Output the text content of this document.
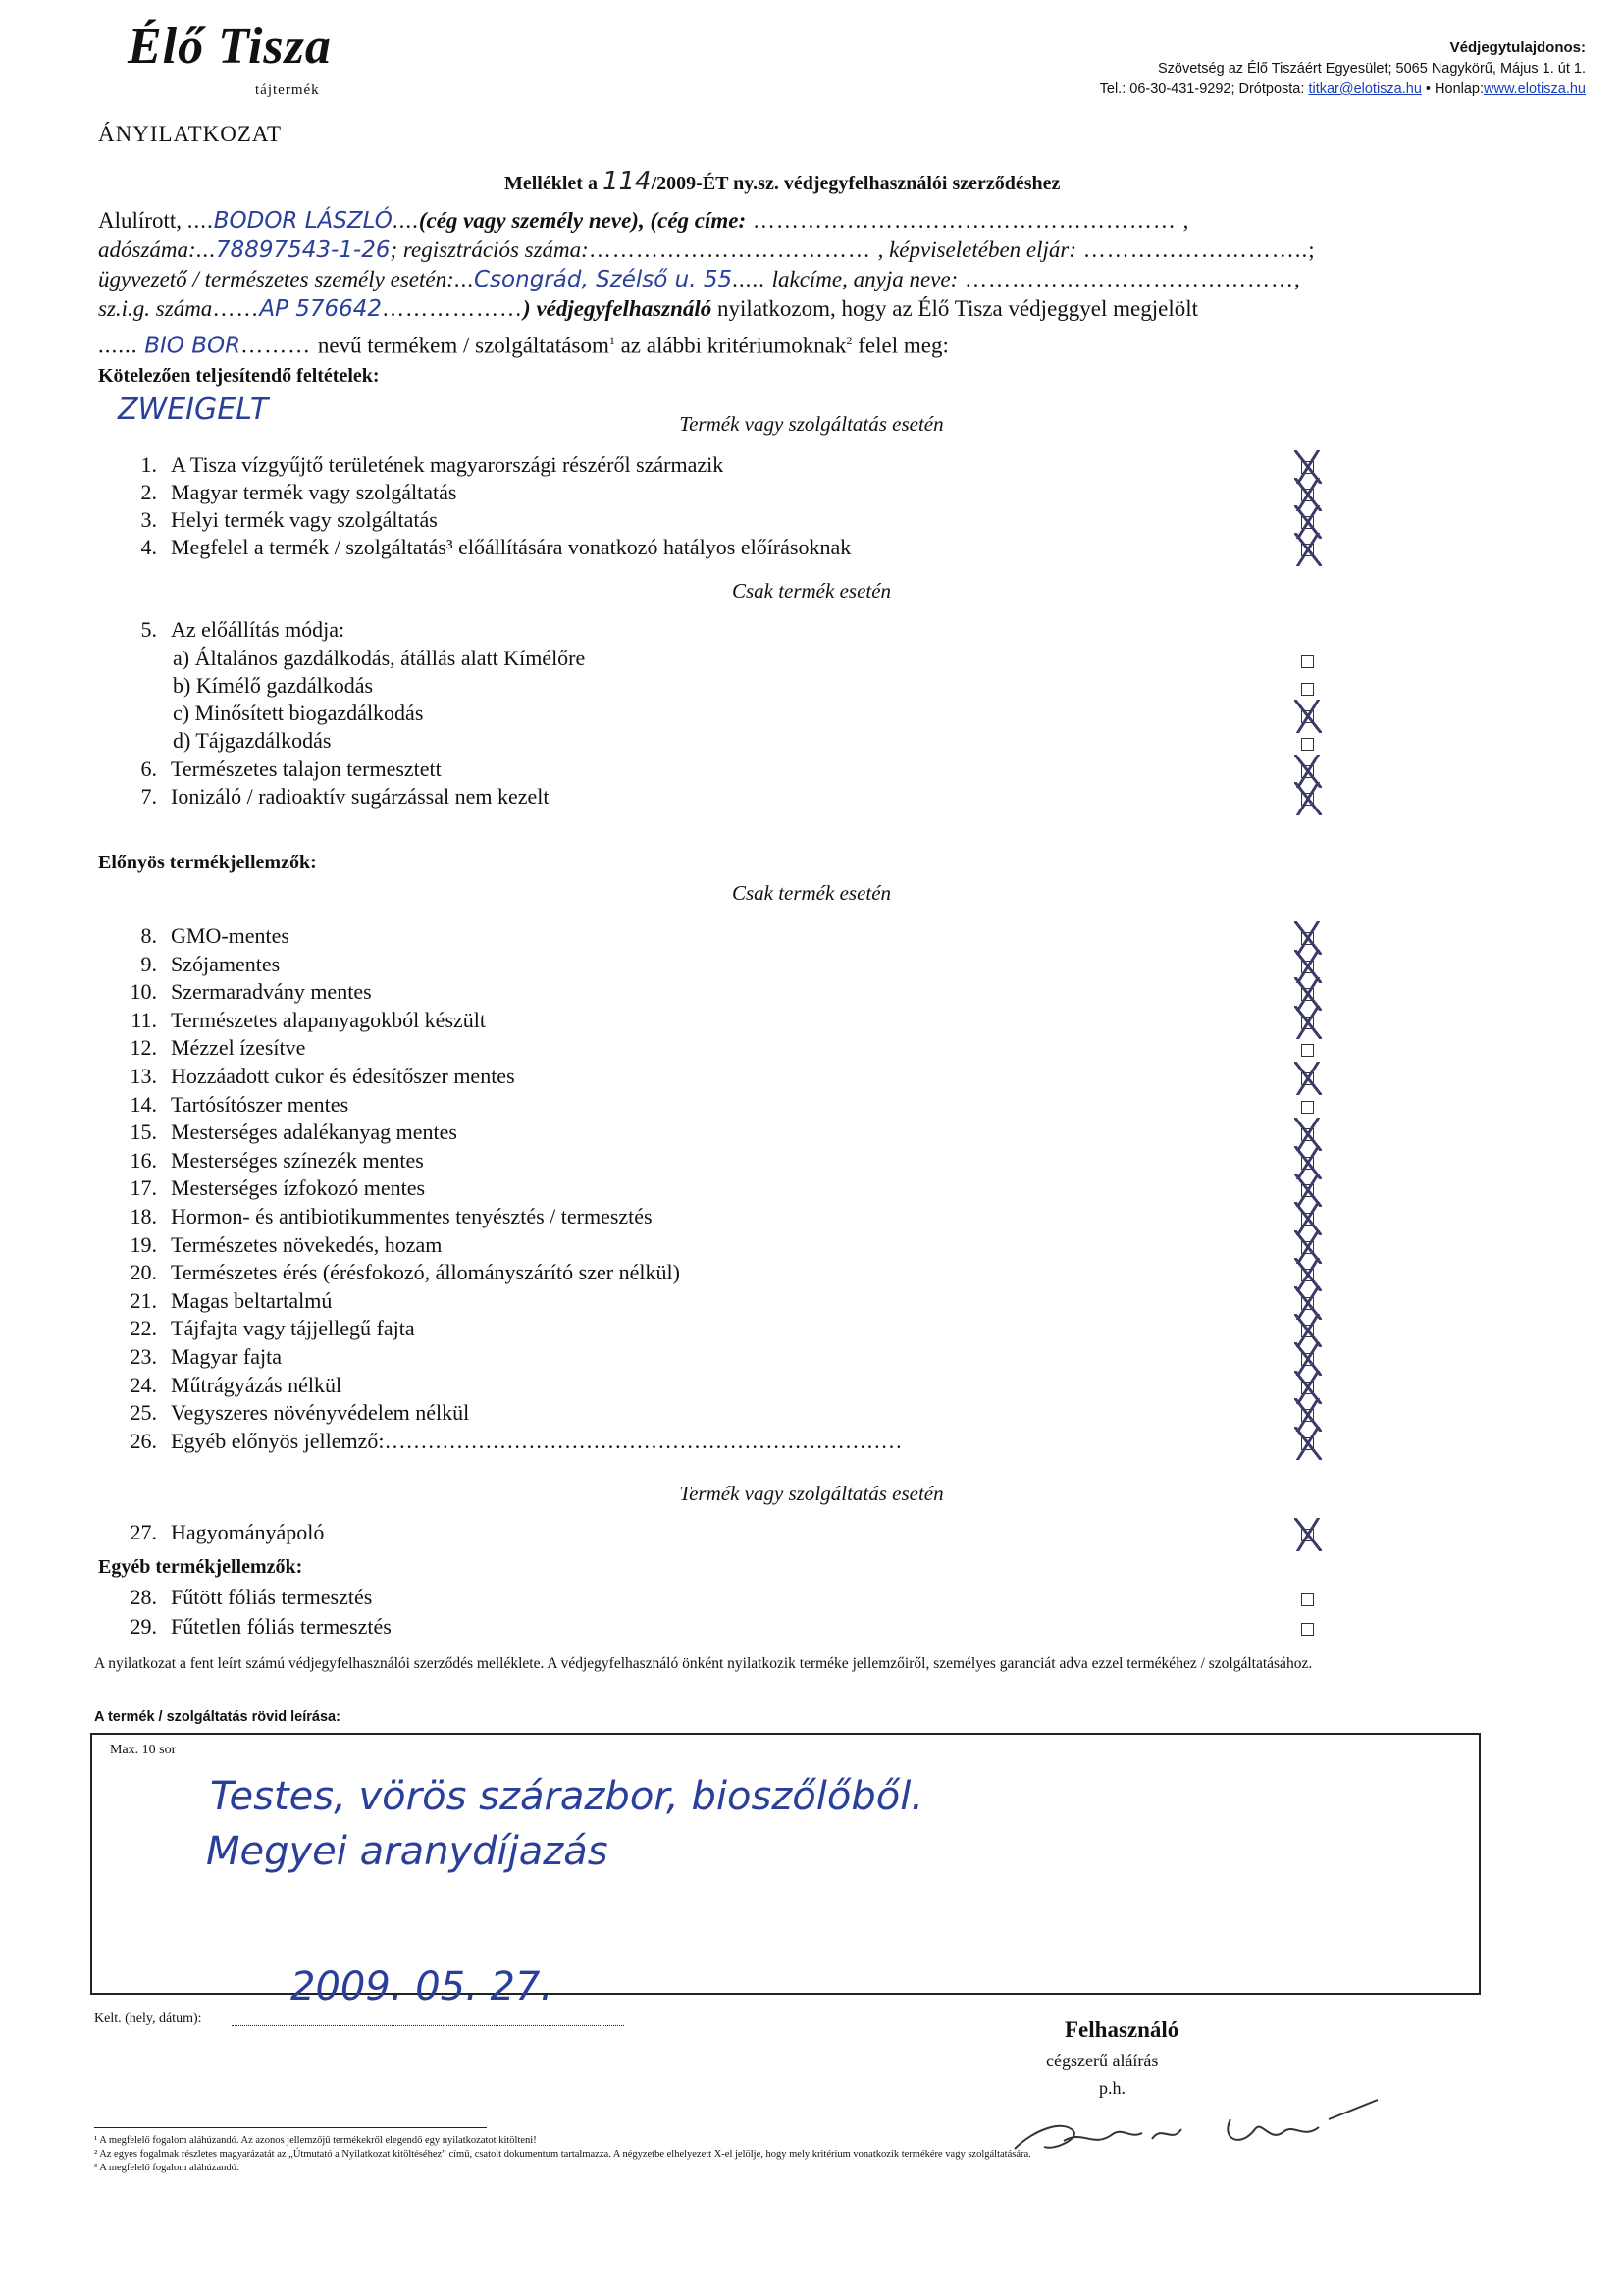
Élő Tisza
tájtermék
Védjegytulajdonos:
Szövetség az Élő Tiszáért Egyesület; 5065 Nagykörű, Május 1. út 1.
Tel.: 06-30-431-9292; Drótposta: titkar@elotisza.hu • Honlap:www.elotisza.hu
ÁNYILATKOZAT
Melléklet a 114/2009-ÉT ny.sz. védjegyfelhasználói szerződéshez
Alulírott, ....BODOR LÁSZLÓ....(cég vagy személy neve), (cég címe: ……………………………………………… ,
adószáma:...78897543-1-26; regisztrációs száma:……………………………… , képviseletében eljár: ………………………..;
ügyvezető / természetes személy esetén:...Csongrád, Szélső u. 55..... lakcíme, anyja neve: ……………………………………,
sz.i.g. száma……AP 576642………………) védjegyfelhasználó nyilatkozom, hogy az Élő Tisza védjeggyel megjelölt
...... BIO BOR……… nevű termékem / szolgáltatásom$^1$ az alábbi kritériumoknak$^2$ felel meg:
Kötelezően teljesítendő feltételek:
ZWEIGELT	Termék vagy szolgáltatás esetén
1. A Tisza vízgyűjtő területének magyarországi részéről származik
2. Magyar termék vagy szolgáltatás
3. Helyi termék vagy szolgáltatás
4. Megfelel a termék / szolgáltatás³ előállítására vonatkozó hatályos előírásoknak
Csak termék esetén
5. Az előállítás módja:
a) Általános gazdálkodás, átállás alatt Kímélőre
b) Kímélő gazdálkodás
c) Minősített biogazdálkodás
d) Tájgazdálkodás
6. Természetes talajon termesztett
7. Ionizáló / radioaktív sugárzással nem kezelt
Előnyös termékjellemzők:
Csak termék esetén
8. GMO-mentes
9. Szójamentes
10. Szermaradvány mentes
11. Természetes alapanyagokból készült
12. Mézzel ízesítve
13. Hozzáadott cukor és édesítőszer mentes
14. Tartósítószer mentes
15. Mesterséges adalékanyag mentes
16. Mesterséges színezék mentes
17. Mesterséges ízfokozó mentes
18. Hormon- és antibiotikummentes tenyésztés / termesztés
19. Természetes növekedés, hozam
20. Természetes érés (érésfokozó, állományszárító szer nélkül)
21. Magas beltartalmú
22. Tájfajta vagy tájjellegű fajta
23. Magyar fajta
24. Műtrágyázás nélkül
25. Vegyszeres növényvédelem nélkül
26. Egyéb előnyös jellemző:………………………………………………………………
Termék vagy szolgáltatás esetén
27. Hagyományápoló
Egyéb termékjellemzők:
28. Fűtött fóliás termesztés
29. Fűtetlen fóliás termesztés
A nyilatkozat a fent leírt számú védjegyfelhasználói szerződés melléklete. A védjegyfelhasználó önként nyilatkozik terméke jellemzőiről, személyes garanciát adva ezzel termékéhez / szolgáltatásához.
A termék / szolgáltatás rövid leírása:
Max. 10 sor
Testes, vörös szárazbor, bioszőlőből.
Megyei aranydíjazás
Kelt. (hely, dátum):
2009. 05. 27.
Felhasználó
cégszerű aláírás
p.h.
¹ A megfelelő fogalom aláhúzandó. Az azonos jellemzőjű termékekről elegendő egy nyilatkozatot kitölteni!
² Az egyes fogalmak részletes magyarázatát az „Útmutató a Nyilatkozat kitöltéséhez” című, csatolt dokumentum tartalmazza. A négyzetbe elhelyezett X-el jelölje, hogy mely kritérium vonatkozik termékére vagy szolgáltatására.
³ A megfelelő fogalom aláhúzandó.
